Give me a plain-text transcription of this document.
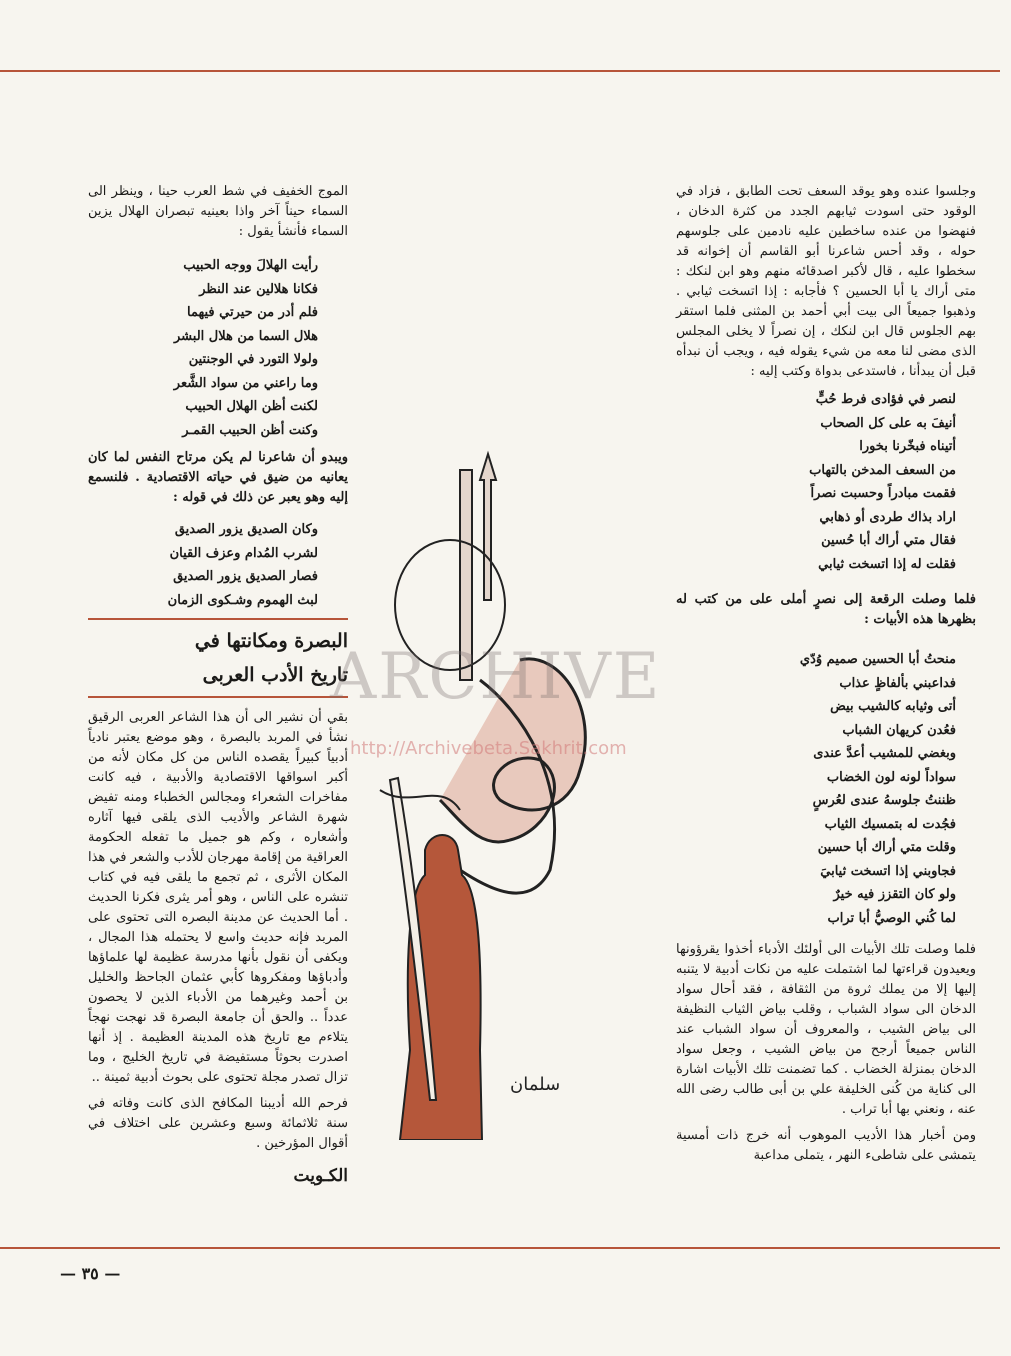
وجلسوا عنده وهو يوقد السعف تحت الطابق ، فزاد في الوقود حتى اسودت ثيابهم الجدد من كثرة الدخان ، فنهضوا من عنده ساخطين عليه نادمين على جلوسهم حوله ، وقد أحس شاعرنا أبو القاسم أن إخوانه قد سخطوا عليه ، قال لأكبر اصدقائه منهم وهو ابن لنكك : متى أراك يا أبا الحسين ؟ فأجابه : إذا اتسخت ثيابي . وذهبوا جميعاً الى بيت أبي أحمد بن المثنى فلما استقر بهم الجلوس قال ابن لنكك ، إن نصراً لا يخلى المجلس الذى مضى لنا معه من شيء يقوله فيه ، ويجب أن نبدأه قبل أن يبدأنا ، فاستدعى بدواة وكتب إليه :

لنصر في فؤادى فرط حُبٍّ
أنيفَ به على كل الصحاب
أتيناه فبخّرنا بخورا
من السعف المدخن بالتهاب
فقمت مبادراً وحسبت نصراً
اراد بذاك طردى أو ذهابي
فقال متي أراك أبا حُسين
فقلت له إذا اتسخت ثيابي

فلما وصلت الرقعة إلى نصرٍ أملى على من كتب له بظهرها هذه الأبيات :

منحتُ أبا الحسين صميم وُدّي
فداعبني بألفاظٍ عذاب
أتى وثيابه كالشيب بيض
فعُدن كريهان الشباب
وبغضي للمشيب أعدَّ عندى
سواداً لونه لون الخضاب
ظننتُ جلوسهُ عندى لعُرسٍ
فجُدت له بتمسيك الثياب
وقلت متي أراك أبا حسين
فجاوبني إذا اتسخت ثيابيَ
ولو كان التقزز فيه خيرٌ
لما كُني الوصيُّ أبا تراب

فلما وصلت تلك الأبيات الى أولئك الأدباء أخذوا يقرؤونها ويعيدون قراءتها لما اشتملت عليه من نكات أدبية لا يتنبه إليها إلا من يملك ثروة من الثقافة ، فقد أحال سواد الدخان الى سواد الشباب ، وقلب بياض الثياب النظيفة الى بياض الشيب ، والمعروف أن سواد الشباب عند الناس جميعاً أرجح من بياض الشيب ، وجعل سواد الدخان بمنزلة الخضاب . كما تضمنت تلك الأبيات اشارة الى كناية من كُنى الخليفة علي بن أبى طالب رضى الله عنه ، ونعني بها أبا تراب .

ومن أخبار هذا الأديب الموهوب أنه خرج ذات أمسية يتمشى على شاطىء النهر ، يتملى مداعبة

الموج الخفيف في شط العرب حينا ، وينظر الى السماء حيناً آخر واذا بعينيه تبصران الهلال يزين السماء فأنشأ يقول :

رأيت الهلالَ ووجه الحبيب
فكانا هلالين عند النظر
فلم أدر من حيرتي فيهما
هلال السما من هلال البشر
ولولا التورد في الوجنتين
وما راعني من سواد الشَّعر
لكنت أظن الهلال الحبيب
وكنت أظن الحبيب القمـر

ويبدو أن شاعرنا لم يكن مرتاح النفس لما كان يعانيه من ضيق في حياته الاقتصادية . فلنسمع إليه وهو يعبر عن ذلك في قوله :

وكان الصديق يزور الصديق
لشرب المُدام وعزف القيان
فصار الصديق يزور الصديق
لبث الهموم وشـكوى الزمان
البصرة ومكانتها في
تاريخ الأدب العربى

بقي أن نشير الى أن هذا الشاعر العربى الرقيق نشأ في المربد بالبصرة ، وهو موضع يعتبر نادياً أدبياً كبيراً يقصده الناس من كل مكان لأنه من أكبر اسواقها الاقتصادية والأدبية ، فيه كانت مفاخرات الشعراء ومجالس الخطباء ومنه تفيض شهرة الشاعر والأديب الذى يلقى فيها آثاره وأشعاره ، وكم هو جميل ما تفعله الحكومة العراقية من إقامة مهرجان للأدب والشعر في هذا المكان الأثرى ، ثم تجمع ما يلقى فيه في كتاب تنشره على الناس ، وهو أمر يثرى فكرنا الحديث . أما الحديث عن مدينة البصره التى تحتوى على المربد فإنه حديث واسع لا يحتمله هذا المجال ، ويكفى أن نقول بأنها مدرسة عظيمة لها علماؤها وأدباؤها ومفكروها كأبي عثمان الجاحظ والخليل بن أحمد وغيرهما من الأدباء الذين لا يحصون عدداً .. والحق أن جامعة البصرة قد نهجت نهجاً يتلاءم مع تاريخ هذه المدينة العظيمة . إذ أنها اصدرت بحوثاً مستفيضة في تاريخ الخليج ، وما تزال تصدر مجلة تحتوى على بحوث أدبية ثمينة ..

فرحم الله أديبنا المكافح الذى كانت وفاته في سنة ثلاثمائة وسبع وعشرين على اختلاف في أقوال المؤرخين .

الكـويت
سلمان
ARCHIVE
http://Archivebeta.Sakhrit.com
— ٣٥ —
